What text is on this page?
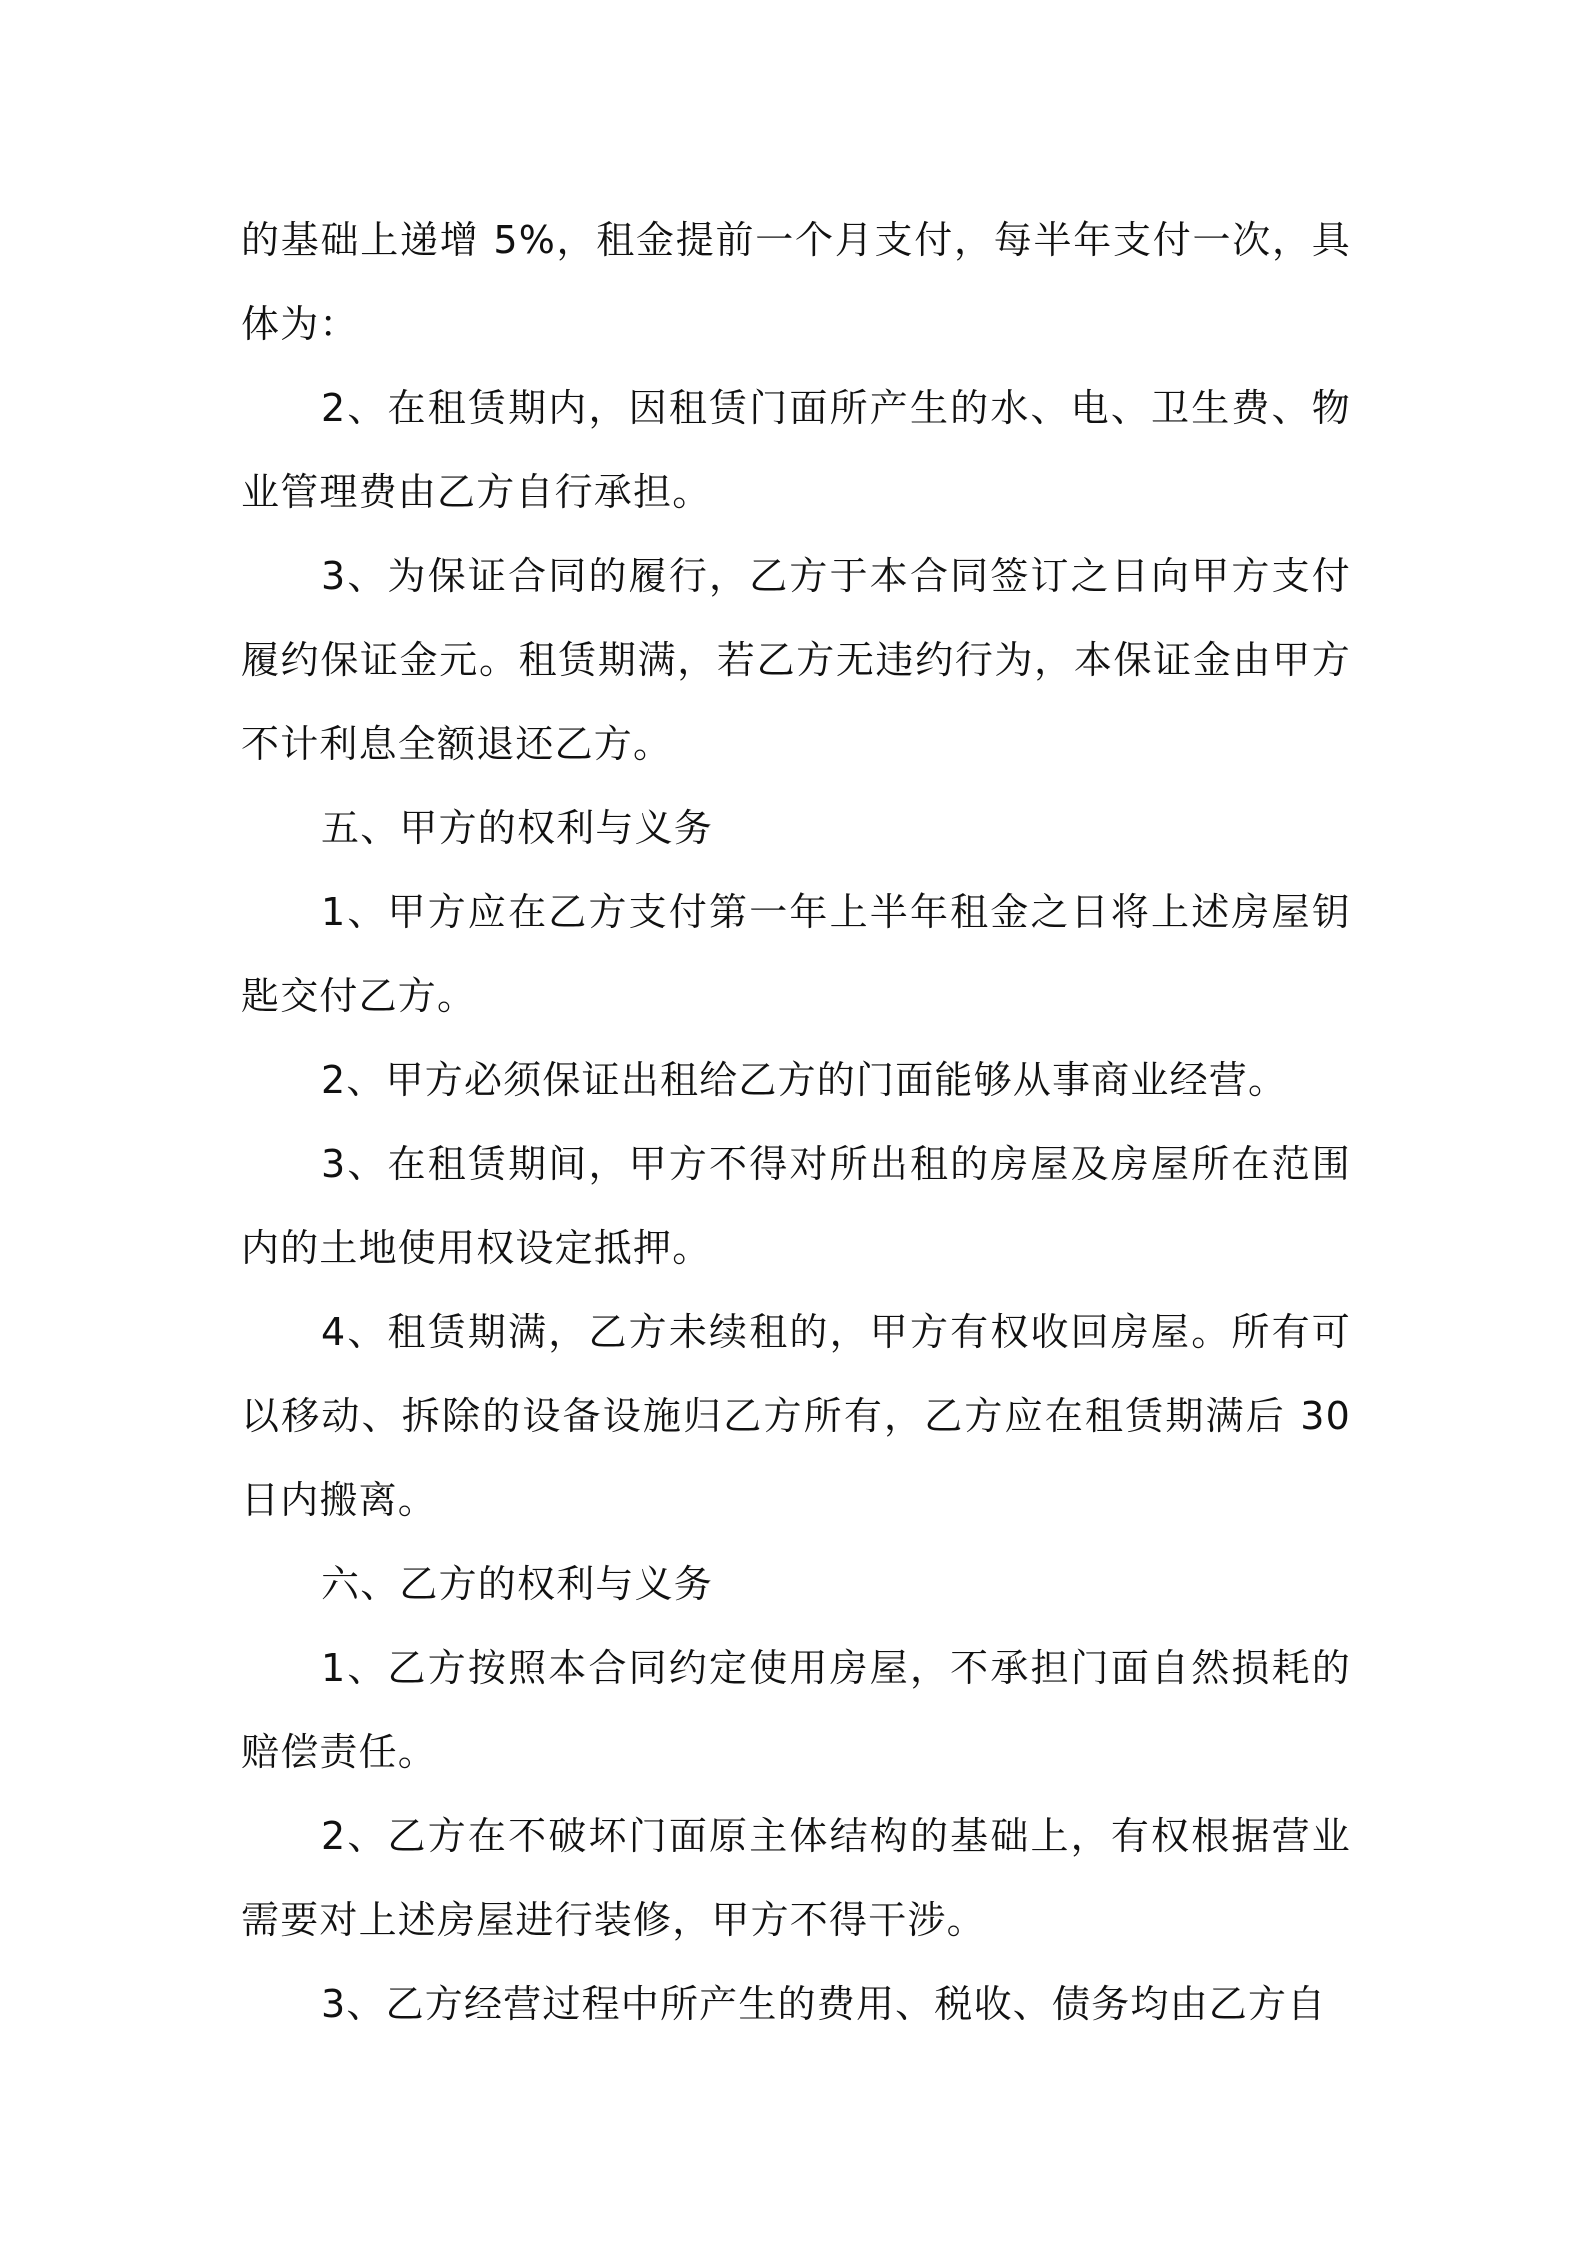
的基础上递增 5%，租金提前一个月支付，每半年支付一次，具体为：

2、在租赁期内，因租赁门面所产生的水、电、卫生费、物业管理费由乙方自行承担。

3、为保证合同的履行，乙方于本合同签订之日向甲方支付履约保证金元。租赁期满，若乙方无违约行为，本保证金由甲方不计利息全额退还乙方。

五、甲方的权利与义务

1、甲方应在乙方支付第一年上半年租金之日将上述房屋钥匙交付乙方。

2、甲方必须保证出租给乙方的门面能够从事商业经营。

3、在租赁期间，甲方不得对所出租的房屋及房屋所在范围内的土地使用权设定抵押。

4、租赁期满，乙方未续租的，甲方有权收回房屋。所有可以移动、拆除的设备设施归乙方所有，乙方应在租赁期满后 30 日内搬离。

六、乙方的权利与义务

1、乙方按照本合同约定使用房屋，不承担门面自然损耗的赔偿责任。

2、乙方在不破坏门面原主体结构的基础上，有权根据营业需要对上述房屋进行装修，甲方不得干涉。

3、乙方经营过程中所产生的费用、税收、债务均由乙方自
